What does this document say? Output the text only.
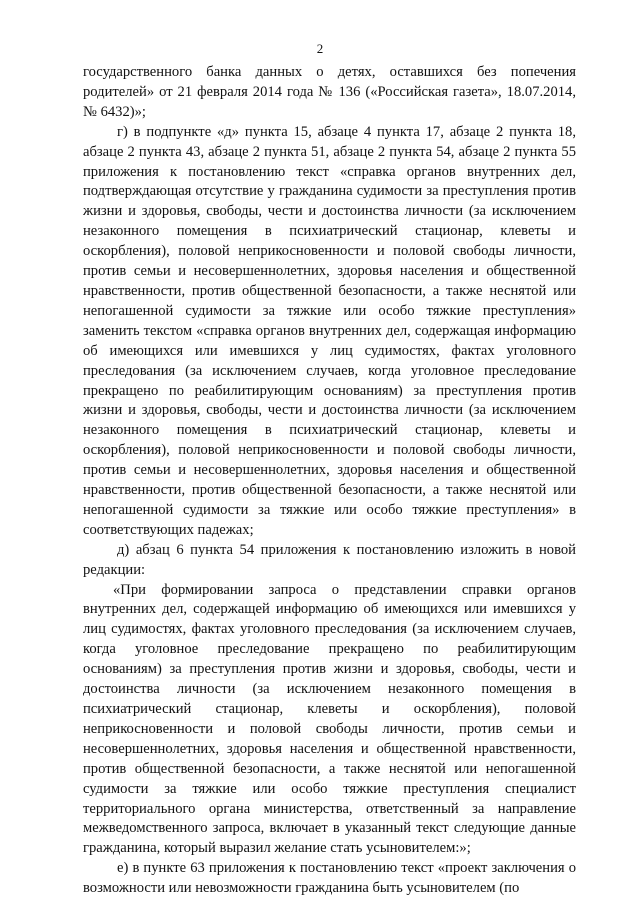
2

государственного банка данных о детях, оставшихся без попечения родителей» от 21 февраля 2014 года № 136 («Российская газета», 18.07.2014, № 6432)»;

г) в подпункте «д» пункта 15, абзаце 4 пункта 17, абзаце 2 пункта 18, абзаце 2 пункта 43, абзаце 2 пункта 51, абзаце 2 пункта 54, абзаце 2 пункта 55 приложения к постановлению текст «справка органов внутренних дел, подтверждающая отсутствие у гражданина судимости за преступления против жизни и здоровья, свободы, чести и достоинства личности (за исключением незаконного помещения в психиатрический стационар, клеветы и оскорбления), половой неприкосновенности и половой свободы личности, против семьи и несовершеннолетних, здоровья населения и общественной нравственности, против общественной безопасности, а также неснятой или непогашенной судимости за тяжкие или особо тяжкие преступления» заменить текстом «справка органов внутренних дел, содержащая информацию об имеющихся или имевшихся у лиц судимостях, фактах уголовного преследования (за исключением случаев, когда уголовное преследование прекращено по реабилитирующим основаниям) за преступления против жизни и здоровья, свободы, чести и достоинства личности (за исключением незаконного помещения в психиатрический стационар, клеветы и оскорбления), половой неприкосновенности и половой свободы личности, против семьи и несовершеннолетних, здоровья населения и общественной нравственности, против общественной безопасности, а также неснятой или непогашенной судимости за тяжкие или особо тяжкие преступления» в соответствующих падежах;

д) абзац 6 пункта 54 приложения к постановлению изложить в новой редакции:

«При формировании запроса о представлении справки органов внутренних дел, содержащей информацию об имеющихся или имевшихся у лиц судимостях, фактах уголовного преследования (за исключением случаев, когда уголовное преследование прекращено по реабилитирующим основаниям) за преступления против жизни и здоровья, свободы, чести и достоинства личности (за исключением незаконного помещения в психиатрический стационар, клеветы и оскорбления), половой неприкосновенности и половой свободы личности, против семьи и несовершеннолетних, здоровья населения и общественной нравственности, против общественной безопасности, а также неснятой или непогашенной судимости за тяжкие или особо тяжкие преступления специалист территориального органа министерства, ответственный за направление межведомственного запроса, включает в указанный текст следующие данные гражданина, который выразил желание стать усыновителем:»;

е) в пункте 63 приложения к постановлению текст «проект заключения о возможности или невозможности гражданина быть усыновителем (по
